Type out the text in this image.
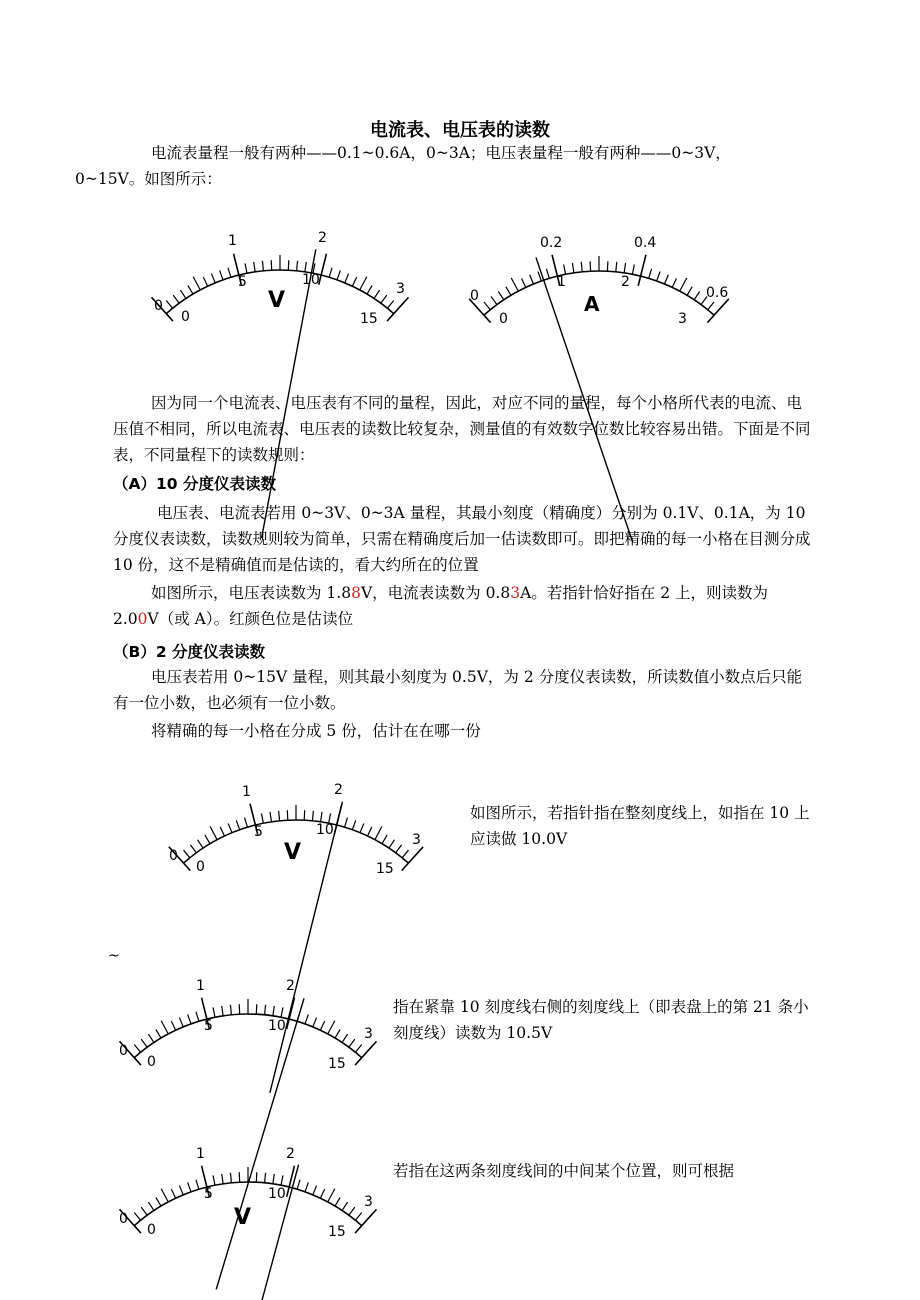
电流表、电压表的读数

电流表量程一般有两种——0.1~0.6A，0~3A；电压表量程一般有两种——0~3V，
0~15V。如图所示：

0
1	2
3
0
5	10
15
V	0
0.2	0.4
0.6
0
1	2
3
A

因为同一个电流表、电压表有不同的量程，因此，对应不同的量程，每个小格所代表的电流、电压值不相同，所以电流表、电压表的读数比较复杂，测量值的有效数字位数比较容易出错。下面是不同表，不同量程下的读数规则：

（A）10 分度仪表读数

电压表、电流表若用 0~3V、0~3A 量程，其最小刻度（精确度）分别为 0.1V、0.1A，为 10 分度仪表读数，读数规则较为简单，只需在精确度后加一估读数即可。即把精确的每一小格在目测分成 10 份，这不是精确值而是估读的，看大约所在的位置

如图所示，电压表读数为 1.88V，电流表读数为 0.83A。若指针恰好指在 2 上，则读数为 2.00V（或 A）。红颜色位是估读位

（B）2 分度仪表读数

电压表若用 0~15V 量程，则其最小刻度为 0.5V，为 2 分度仪表读数，所读数值小数点后只能有一位小数，也必须有一位小数。

将精确的每一小格在分成 5 份，估计在在哪一份

0
1	2
3
0
5	10
15
V

如图所示，若指针指在整刻度线上，如指在 10 上应读做 10.0V

~
0
1	2
3
0
5	10
15

指在紧靠 10 刻度线右侧的刻度线上（即表盘上的第 21 条小刻度线）读数为 10.5V

0
1	2
3
0
5	10
15
V

若指在这两条刻度线间的中间某个位置，则可根据
